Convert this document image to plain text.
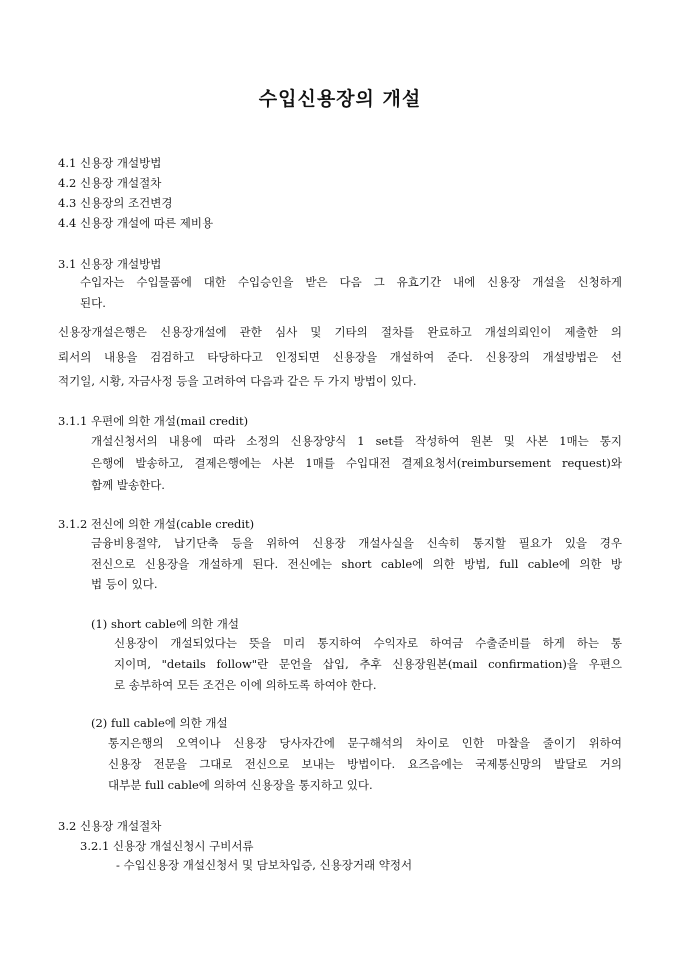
수입신용장의 개설
4.1 신용장 개설방법
4.2 신용장 개설절차
4.3 신용장의 조건변경
4.4 신용장 개설에 따른 제비용
3.1 신용장 개설방법
수입자는 수입물품에 대한 수입승인을 받은 다음 그 유효기간 내에 신용장 개설을 신청하게
된다.
신용장개설은행은 신용장개설에 관한 심사 및 기타의 절차를 완료하고 개설의뢰인이 제출한 의
뢰서의 내용을 검검하고 타당하다고 인정되면 신용장을 개설하여 준다. 신용장의 개설방법은 선
적기일, 시황, 자금사정 등을 고려하여 다음과 같은 두 가지 방법이 있다.
3.1.1 우편에 의한 개설(mail credit)
개설신청서의 내용에 따라 소정의 신용장양식 1 set를 작성하여 원본 및 사본 1매는 통지
은행에 발송하고, 결제은행에는 사본 1매를 수입대전 결제요청서(reimbursement request)와
함께 발송한다.
3.1.2 전신에 의한 개설(cable credit)
금융비용절약, 납기단축 등을 위하여 신용장 개설사실을 신속히 통지할 필요가 있을 경우
전신으로 신용장을 개설하게 된다. 전신에는 short cable에 의한 방법, full cable에 의한 방
법 등이 있다.
(1) short cable에 의한 개설
신용장이 개설되었다는 뜻을 미리 통지하여 수익자로 하여금 수출준비를 하게 하는 통
지이며, "details follow"란 문언을 삽입, 추후 신용장원본(mail confirmation)을 우편으
로 송부하여 모든 조건은 이에 의하도록 하여야 한다.
(2) full cable에 의한 개설
통지은행의 오역이나 신용장 당사자간에 문구해석의 차이로 인한 마찰을 줄이기 위하여
신용장 전문을 그대로 전신으로 보내는 방법이다. 요즈음에는 국제통신망의 발달로 거의
대부분 full cable에 의하여 신용장을 통지하고 있다.
3.2 신용장 개설절차
3.2.1 신용장 개설신청시 구비서류
- 수입신용장 개설신청서 및 담보차입증, 신용장거래 약정서
